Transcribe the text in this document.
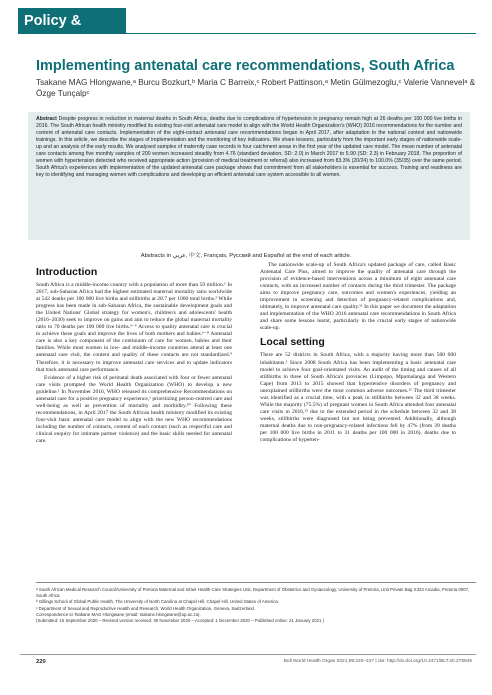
Policy & practice
Implementing antenatal care recommendations, South Africa
Tsakane MAG Hlongwane,ᵃ Burcu Bozkurt,ᵇ Maria C Barreix,ᶜ Robert Pattinson,ᵃ Metin Gülmezoglu,ᶜ Valerie Vannevelᵃ & Özge Tunçalpᶜ
Abstract Despite progress in reduction in maternal deaths in South Africa, deaths due to complications of hypertension in pregnancy remain high at 26 deaths per 100 000 live births in 2016. The South African health ministry modified its existing four-visit antenatal care model to align with the World Health Organization's (WHO) 2016 recommendations for the number and content of antenatal care contacts. Implementation of the eight-contact antenatal care recommendations began in April 2017, after adaptation to the national context and nationwide trainings. In this article, we describe the stages of implementation and the monitoring of key indicators. We share lessons, particularly from the important early stages of nationwide scale-up and an analysis of the early results. We analysed samples of maternity case records in four catchment areas in the first year of the updated care model. The mean number of antenatal care contacts among five monthly samples of 200 women increased steadily from 4.76 (standard deviation, SD: 2.0) in March 2017 to 5.90 (SD: 2.3) in February 2018. The proportion of women with hypertension detected who received appropriate action (provision of medical treatment or referral) also increased from 83.3% (20/24) to 100.0% (35/35) over the same period. South Africa's experiences with implementation of the updated antenatal care package shows that commitment from all stakeholders is essential for success. Training and readiness are key to identifying and managing women with complications and developing an efficient antenatal care system accessible to all women.
Abstracts in عربي, 中文, Français, Русский and Español at the end of each article.
Introduction

South Africa is a middle-income country with a population of more than 59 million.¹ In 2017, sub-Saharan Africa had the highest estimated maternal mortality ratio worldwide at 542 deaths per 100 000 live births and stillbirths at 28.7 per 1000 total births.² While progress has been made in sub-Saharan Africa, the sustainable development goals and the United Nations' Global strategy for women's, children's and adolescents' health (2016–2030) seek to improve on gains and aim to reduce the global maternal mortality ratio to 70 deaths per 100 000 live births.³⁻⁵ Access to quality antenatal care is crucial to achieve these goals and improve the lives of both mothers and babies.⁶⁻⁸ Antenatal care is also a key component of the continuum of care for women, babies and their families. While most women in low- and middle-income countries attend at least one antenatal care visit, the content and quality of these contacts are not standardized.⁹ Therefore, it is necessary to improve antenatal care services and to update indicators that track antenatal care performance.

Evidence of a higher risk of perinatal death associated with four or fewer antenatal care visits prompted the World Health Organization (WHO) to develop a new guideline.¹ In November 2016, WHO released its comprehensive Recommendations on antenatal care for a positive pregnancy experience,¹ prioritizing person-centred care and well-being as well as prevention of mortality and morbidity.¹⁰ Following these recommendations, in April 2017 the South African health ministry modified its existing four-visit basic antenatal care model to align with the new WHO recommendations including the number of contacts, content of each contact (such as respectful care and clinical enquiry for intimate partner violence) and the basic skills needed for antenatal care.

The nationwide scale-up of South Africa's updated package of care, called Basic Antenatal Care Plus, aimed to improve the quality of antenatal care through the provision of evidence-based interventions across a minimum of eight antenatal care contacts, with an increased number of contacts during the third trimester. The package aims to improve pregnancy care, outcomes and women's experiences, yielding an improvement in screening and detection of pregnancy-related complications and, ultimately, to improve antenatal care quality.¹¹ In this paper we document the adaptation and implementation of the WHO 2016 antenatal care recommendations in South Africa and share some lessons learnt, particularly in the crucial early stages of nationwide scale-up.

Local setting

There are 52 districts in South Africa, with a majority having more than 500 000 inhabitants.¹ Since 2008 South Africa has been implementing a basic antenatal care model to achieve four goal-orientated visits. An audit of the timing and causes of all stillbirths in three of South Africa's provinces (Limpopo, Mpumalanga and Western Cape) from 2013 to 2015 showed that hypertensive disorders of pregnancy and unexplained stillbirths were the most common adverse outcomes.¹² The third trimester was identified as a crucial time, with a peak in stillbirths between 32 and 38 weeks. While the majority (75.5%) of pregnant women in South Africa attended four antenatal care visits in 2016,¹³ due to the extended period in the schedule between 32 and 38 weeks, stillbirths were diagnosed but not being prevented. Additionally, although maternal deaths due to non-pregnancy-related infections fell by 47% (from 39 deaths per 100 000 live births in 2011 to 31 deaths per 100 000 in 2016), deaths due to complications of hyperten-

ᵃ South African Medical Research Council/University of Pretoria Maternal and Infant Health Care Strategies Unit, Department of Obstetrics and Gynaecology, University of Pretoria, Unit Private Bag X323 Arcadia, Pretoria 0007, South Africa.
ᵇ Gillings School of Global Public Health, The University of North Carolina at Chapel Hill, Chapel Hill, United States of America.
ᶜ Department of Sexual and Reproductive Health and Research, World Health Organization, Geneva, Switzerland.
Correspondence to Tsakane MAG Hlongwane (email: tsakane.hlongwane@up.ac.za).
(Submitted: 15 September 2020 – Revised version received: 30 November 2020 – Accepted: 1 December 2020 – Published online: 21 January 2021 )
220	Bull World Health Organ 2021;99:220–227 | doi: http://dx.doi.org/10.2471/BLT.20.278945
